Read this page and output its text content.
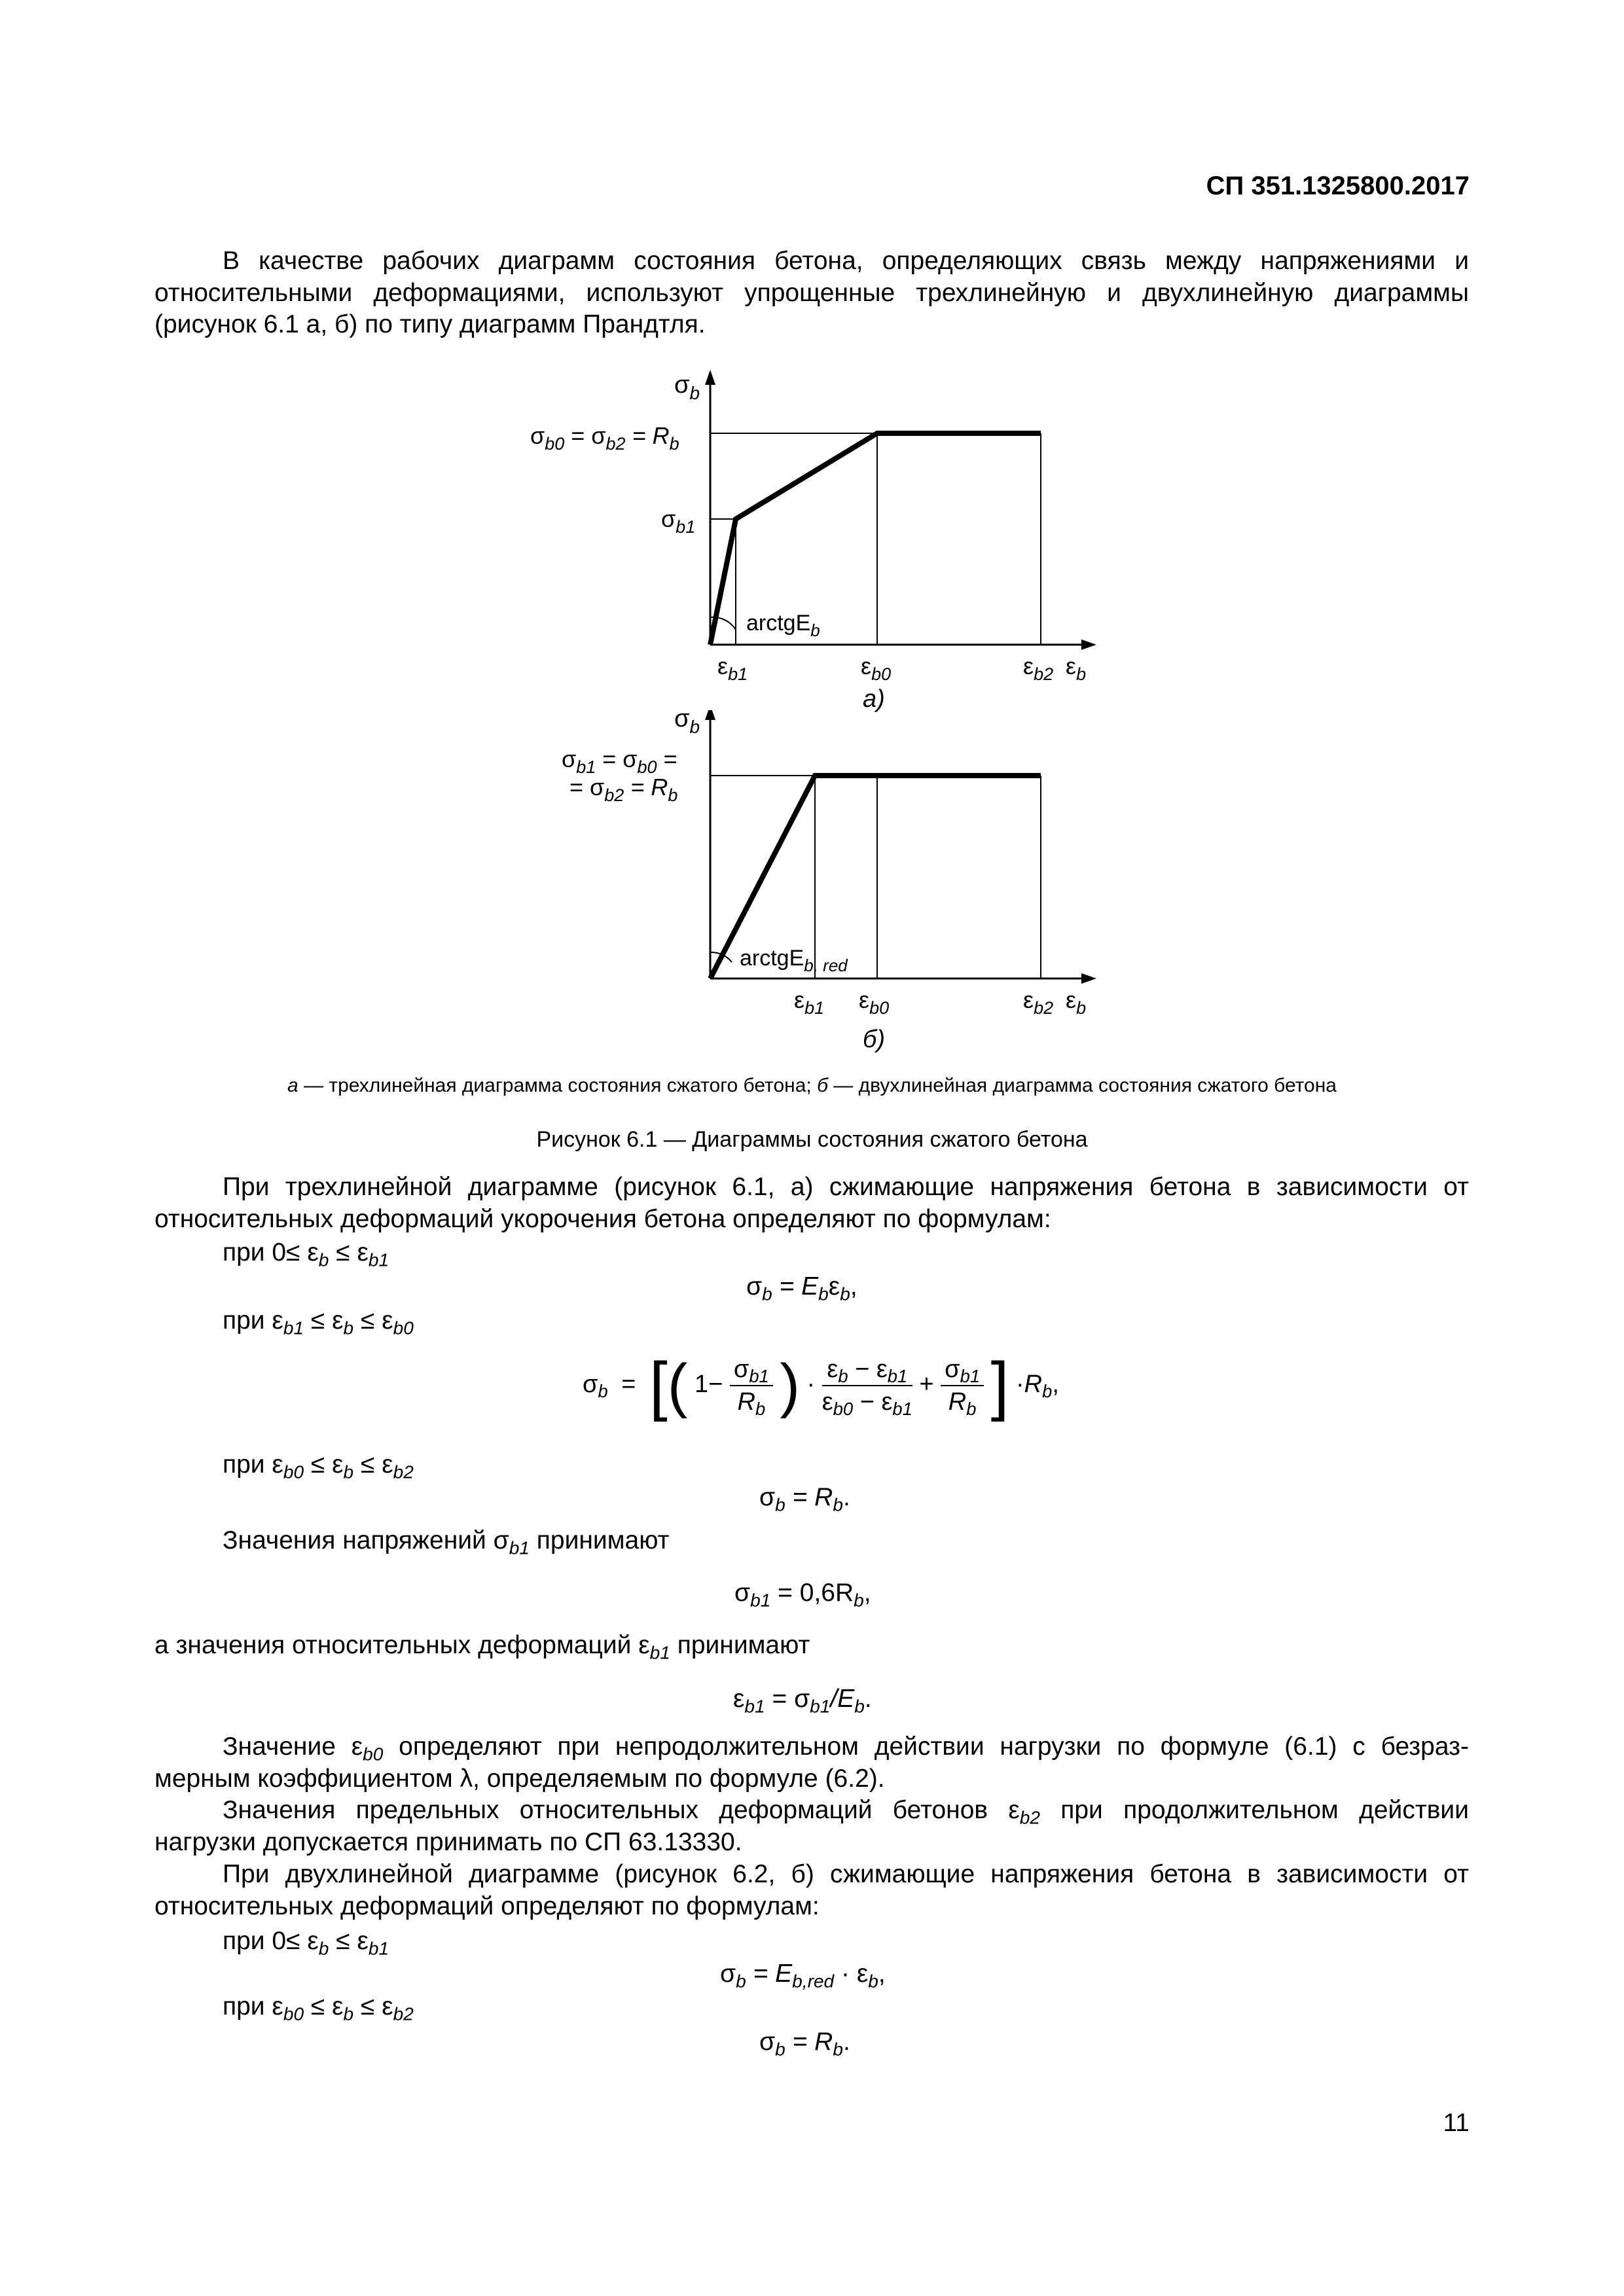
СП 351.1325800.2017

В качестве рабочих диаграмм состояния бетона, определяющих связь между напряжениями и

относительными деформациями, используют упрощенные трехлинейную и двухлинейную диаграммы

(рисунок 6.1 а, б) по типу диаграмм Прандтля.

$\sigma_b$
$\sigma_{b0} = \sigma_{b2} = R_b$
$\sigma_{b1}$
arctgE$_b$
$\varepsilon_{b1}$	$\varepsilon_{b0}$	$\varepsilon_{b2}$ $\varepsilon_b$
а)
$\sigma_b$
$\sigma_{b1} = \sigma_{b0}$ =
= $\sigma_{b2} = R_b$
arctgE$_{b, red}$
$\varepsilon_{b1}$ $\varepsilon_{b0}$	$\varepsilon_{b2}$ $\varepsilon_b$
б)
а — трехлинейная диаграмма состояния сжатого бетона; б — двухлинейная диаграмма состояния сжатого бетона
Рисунок 6.1 — Диаграммы состояния сжатого бетона

При трехлинейной диаграмме (рисунок 6.1, а) сжимающие напряжения бетона в зависимости от

относительных деформаций укорочения бетона определяют по формулам:

при $0\le \varepsilon_b \le \varepsilon_{b1}$
$\sigma_b = E_b\varepsilon_b$,
при $\varepsilon_{b1} \le \varepsilon_b \le \varepsilon_{b0}$
$\sigma_b$ = [( $1- \frac{\sigma_{b1}}{R_b}$ ) · $\frac{\varepsilon_b - \varepsilon_{b1}}{\varepsilon_{b0} - \varepsilon_{b1}} + \frac{\sigma_{b1}}{R_b}$ ] $\cdot R_b$,
при $\varepsilon_{b0} \le \varepsilon_b \le \varepsilon_{b2}$
$\sigma_b = R_b$.
Значения напряжений $\sigma_{b1}$ принимают
$\sigma_{b1} = 0,6R_b$,
а значения относительных деформаций $\varepsilon_{b1}$ принимают
$\varepsilon_{b1} = \sigma_{b1}/E_b$.

Значение $\varepsilon_{b0}$ определяют при непродолжительном действии нагрузки по формуле (6.1) с безраз-

мерным коэффициентом λ, определяемым по формуле (6.2).

Значения предельных относительных деформаций бетонов $\varepsilon_{b2}$ при продолжительном действии

нагрузки допускается принимать по СП 63.13330.

При двухлинейной диаграмме (рисунок 6.2, б) сжимающие напряжения бетона в зависимости от

относительных деформаций определяют по формулам:

при $0\le \varepsilon_b \le \varepsilon_{b1}$
$\sigma_b = E_{b,red} \cdot \varepsilon_b$,
при $\varepsilon_{b0} \le \varepsilon_b \le \varepsilon_{b2}$
$\sigma_b = R_b$.
11
